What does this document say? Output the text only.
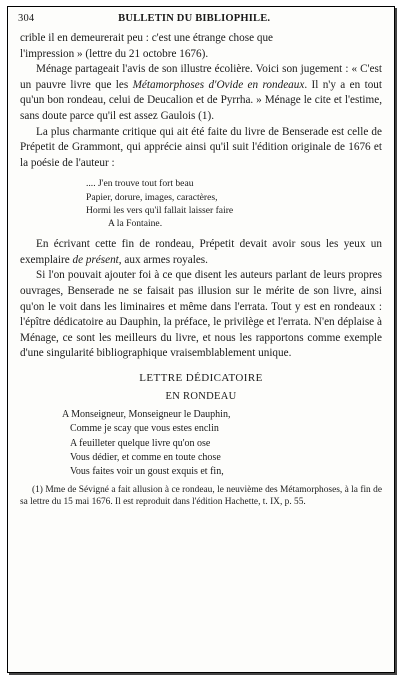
304	BULLETIN DU BIBLIOPHILE.

crible il en demeurerait peu : c'est une étrange chose que
l'impression » (lettre du 21 octobre 1676).

Ménage partageait l'avis de son illustre écolière. Voici son jugement : « C'est un pauvre livre que les Métamorphoses d'Ovide en rondeaux. Il n'y a en tout qu'un bon rondeau, celui de Deucalion et de Pyrrha. » Ménage le cite et l'estime, sans doute parce qu'il est assez Gaulois (1).

La plus charmante critique qui ait été faite du livre de Benserade est celle de Prépetit de Grammont, qui apprécie ainsi qu'il suit l'édition originale de 1676 et la poésie de l'auteur :

.... J'en trouve tout fort beau
Papier, dorure, images, caractères,
Hormi les vers qu'il fallait laisser faire
A la Fontaine.

En écrivant cette fin de rondeau, Prépetit devait avoir sous les yeux un exemplaire de présent, aux armes royales.

Si l'on pouvait ajouter foi à ce que disent les auteurs parlant de leurs propres ouvrages, Benserade ne se faisait pas illusion sur le mérite de son livre, ainsi qu'on le voit dans les liminaires et même dans l'errata. Tout y est en rondeaux : l'épître dédicatoire au Dauphin, la préface, le privilège et l'errata. N'en déplaise à Ménage, ce sont les meilleurs du livre, et nous les rapportons comme exemple d'une singularité bibliographique vraisemblablement unique.

LETTRE DÉDICATOIRE
EN RONDEAU
A Monseigneur, Monseigneur le Dauphin,
Comme je scay que vous estes enclin
A feuilleter quelque livre qu'on ose
Vous dédier, et comme en toute chose
Vous faites voir un goust exquis et fin,

(1) Mme de Sévigné a fait allusion à ce rondeau, le neuvième des Métamorphoses, à la fin de sa lettre du 15 mai 1676. Il est reproduit dans l'édition Hachette, t. IX, p. 55.
